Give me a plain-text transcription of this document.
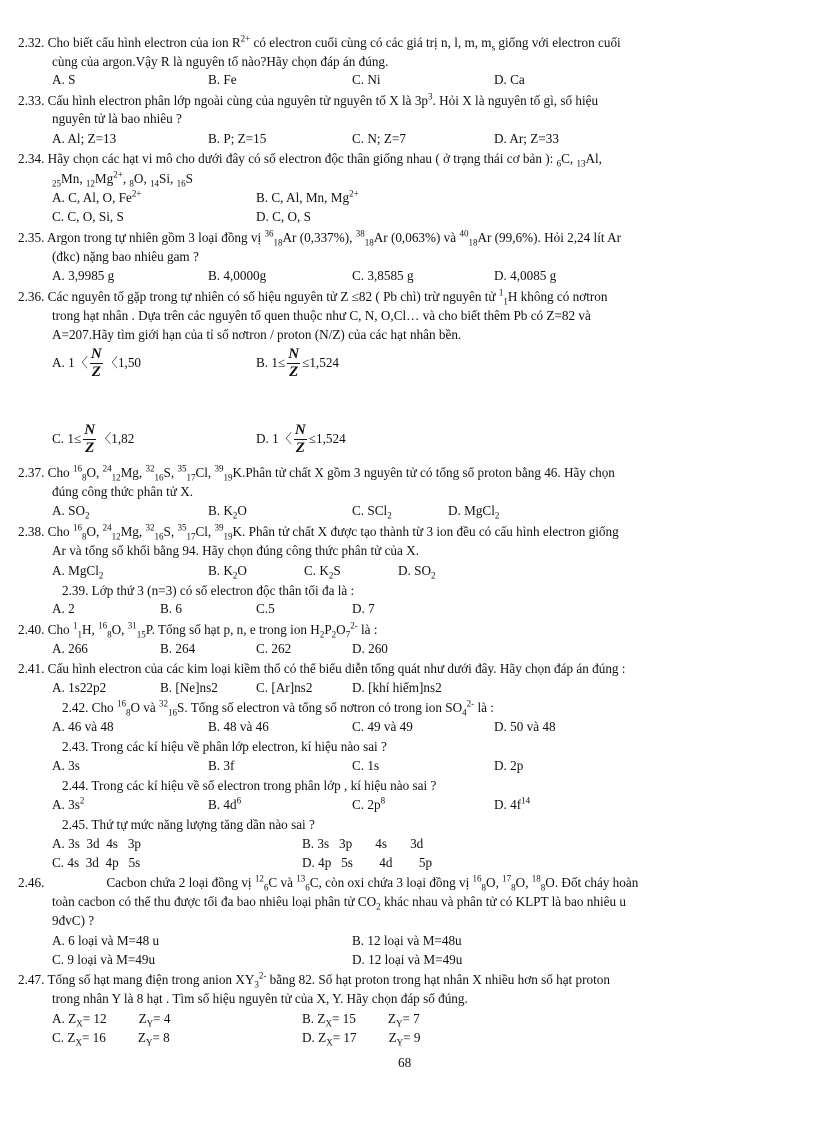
2.32. Cho biết cấu hình electron của ion $R^{2+}$ có electron cuối cùng có các giá trị n, l, m, $m_s$ giống với electron cuối
cùng của argon.Vậy R là nguyên tố nào?Hãy chọn đáp án đúng.
A. S	B. Fe	C. Ni	D. Ca
2.33. Cấu hình electron phân lớp ngoài cùng của nguyên tử nguyên tố X là $3p^3$. Hỏi X là nguyên tố gì, số hiệu
nguyên tử là bao nhiêu ?
A. Al; Z=13	B. P; Z=15	C. N; Z=7	D. Ar; Z=33
2.34. Hãy chọn các hạt vi mô cho dưới đây có số electron độc thân giống nhau ( ở trạng thái cơ bản ): $_6$C, $_{13}$Al,
$_{25}$Mn, $_{12}Mg^{2+}$, $_8$O, $_{14}$Si, $_{16}$S
A. C, Al, O, $Fe^{2+}$	B. C, Al, Mn, $Mg^{2+}$
C. C, O, Si, S	D. C, O, S
2.35. Argon trong tự nhiên gồm 3 loại đồng vị $^{36}_{18}$Ar (0,337%), $^{38}_{18}$Ar (0,063%) và $^{40}_{18}$Ar (99,6%). Hỏi 2,24 lít Ar
(đkc) nặng bao nhiêu gam ?
A. 3,9985 g	B. 4,0000g	C. 3,8585 g	D. 4,0085 g
2.36. Các nguyên tố gặp trong tự nhiên có số hiệu nguyên tử Z ≤82 ( Pb chì) trừ nguyên tử $^1_1$H không có nơtron
trong hạt nhân . Dựa trên các nguyên tố quen thuộc như C, N, O,Cl… và cho biết thêm Pb có Z=82 và
A=207.Hãy tìm giới hạn của tỉ số nơtron / proton (N/Z) của các hạt nhân bền.
A. 1〈 $\frac{N}{Z}$ 〈1,50	B. $1\le \frac{N}{Z} \le 1,524$
C. $1\le \frac{N}{Z}$ 〈1,82	D. 1〈 $\frac{N}{Z} \le 1,524$
2.37. Cho $^{16}_8$O, $^{24}_{12}$Mg, $^{32}_{16}$S, $^{35}_{17}$Cl, $^{39}_{19}$K.Phân tử chất X gồm 3 nguyên tử có tổng số proton bằng 46. Hãy chọn
đúng công thức phân tử X.
A. $SO_2$	B. $K_2O$	C. SCl$_2$	D. MgCl$_2$
2.38. Cho $^{16}_8$O, $^{24}_{12}$Mg, $^{32}_{16}$S, $^{35}_{17}$Cl, $^{39}_{19}$K. Phân tử chất X được tạo thành từ 3 ion đều có cấu hình electron giống
Ar và tổng số khối bằng 94. Hãy chọn đúng công thức phân tử của X.
A. MgCl$_2$	B. $K_2O$	C. $K_2S$	D. $SO_2$
2.39. Lớp thứ 3 (n=3) có số electron độc thân tối đa là :
A. 2	B. 6	C.5	D. 7
2.40. Cho $^1_1$H, $^{16}_8$O, $^{31}_{15}$P. Tổng số hạt p, n, e trong ion $H_2P_2O_7^{2-}$ là :
A. 266	B. 264	C. 262	D. 260
2.41. Cấu hình electron của các kim loại kiềm thổ có thể biểu diễn tổng quát như dưới đây. Hãy chọn đáp án đúng :
A. 1s22p2	B. [Ne]ns2	C. [Ar]ns2	D. [khí hiếm]ns2
2.42. Cho $^{16}_8$O và $^{32}_{16}$S. Tổng số electron và tổng số nơtron có trong ion $SO_4^{2-}$ là :
A. 46 và 48	B. 48 và 46	C. 49 và 49	D. 50 và 48
2.43. Trong các kí hiệu về phân lớp electron, kí hiệu nào sai ?
A. 3s	B. 3f	C. 1s	D. 2p
2.44. Trong các kí hiệu về số electron trong phân lớp , kí hiệu nào sai ?
A. $3s^2$	B. $4d^6$	C. $2p^8$	D. $4f^{14}$
2.45. Thứ tự mức năng lượng tăng dần nào sai ?
A. 3s  3d  4s   3p	B. 3s   3p       4s       3d
C. 4s  3d  4p   5s	D. 4p   5s        4d        5p
2.46.	Cacbon chứa 2 loại đồng vị $^{12}_6$C và $^{13}_6$C, còn oxi chứa 3 loại đồng vị $^{16}_8$O, $^{17}_8$O, $^{18}_8$O. Đốt cháy hoàn
toàn cacbon có thể thu được tối đa bao nhiêu loại phân tử $CO_2$ khác nhau và phân tử có KLPT là bao nhiêu u
9đvC) ?
A. 6 loại và M=48 u	B. 12 loại và M=48u
C. 9 loại và M=49u	D. 12 loại và M=49u
2.47. Tổng số hạt mang điện trong anion $XY_3^{2-}$ bằng 82. Số hạt proton trong hạt nhân X nhiều hơn số hạt proton
trong nhân Y là 8 hạt . Tìm số hiệu nguyên tử của X, Y. Hãy chọn đáp số đúng.
A. $Z_X= 12$ $Z_Y= 4$	B. $Z_X= 15$ $Z_Y= 7$
C. $Z_X= 16$ $Z_Y= 8$	D. $Z_X= 17$ $Z_Y= 9$
68
